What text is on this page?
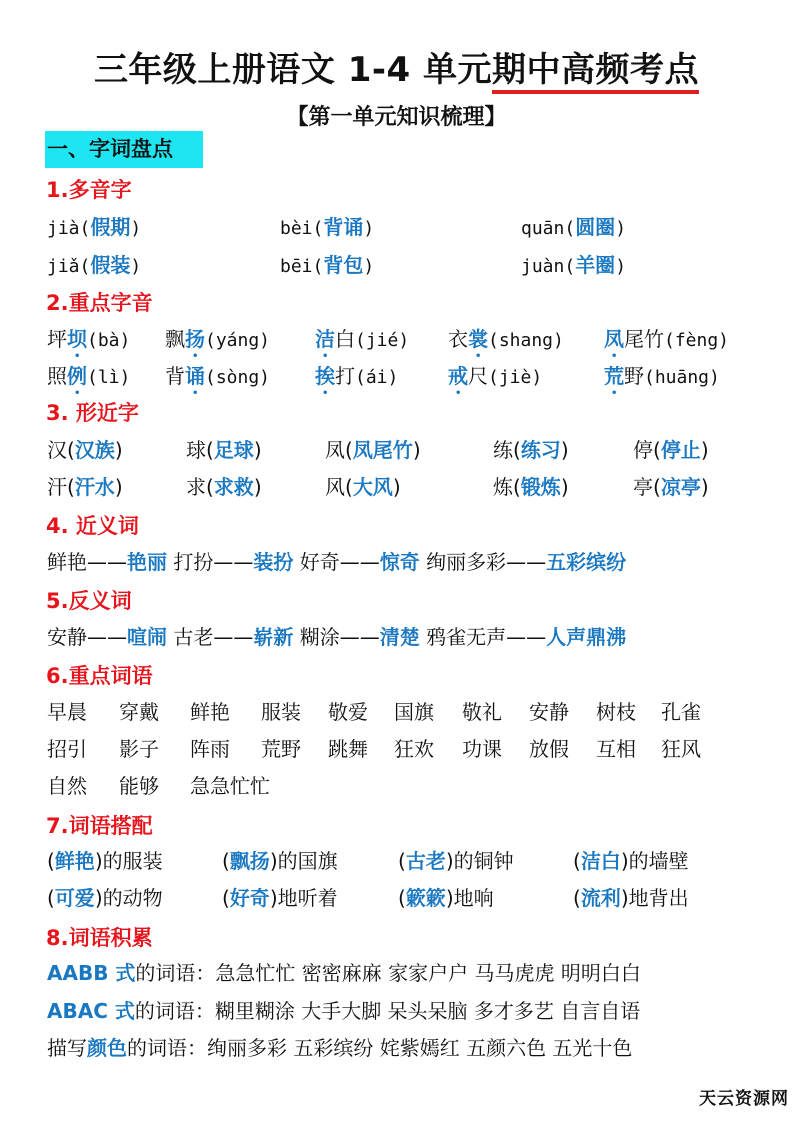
三年级上册语文 1-4 单元期中高频考点
【第一单元知识梳理】
一、字词盘点
1.多音字
jià(假期)	bèi(背诵)	quān(圆圈)
jiǎ(假装)	bēi(背包)	juàn(羊圈)
2.重点字音
坪坝(bà) 飘扬(yáng) 洁白(jié) 衣裳(shang) 凤尾竹(fèng)
照例(lì) 背诵(sòng) 挨打(ái) 戒尺(jiè)	荒野(huāng)
3. 形近字
汉(汉族)	球(足球)	凤(凤尾竹)	练(练习)	停(停止)
汗(汗水)	求(求救)	风(大风)	炼(锻炼)	亭(凉亭)
4. 近义词
鲜艳——艳丽 打扮——装扮 好奇——惊奇 绚丽多彩——五彩缤纷
5.反义词
安静——喧闹 古老——崭新 糊涂——清楚 鸦雀无声——人声鼎沸
6.重点词语
早晨 穿戴 鲜艳 服装 敬爱 国旗 敬礼 安静 树枝 孔雀
招引 影子 阵雨 荒野 跳舞 狂欢 功课 放假 互相 狂风
自然 能够 急急忙忙
7.词语搭配
(鲜艳)的服装	(飘扬)的国旗	(古老)的铜钟	(洁白)的墙壁
(可爱)的动物	(好奇)地听着	(簌簌)地响	(流利)地背出
8.词语积累
AABB 式的词语：急急忙忙 密密麻麻 家家户户 马马虎虎 明明白白
ABAC 式的词语：糊里糊涂 大手大脚 呆头呆脑 多才多艺 自言自语
描写颜色的词语：绚丽多彩 五彩缤纷 姹紫嫣红 五颜六色 五光十色
天云资源网
